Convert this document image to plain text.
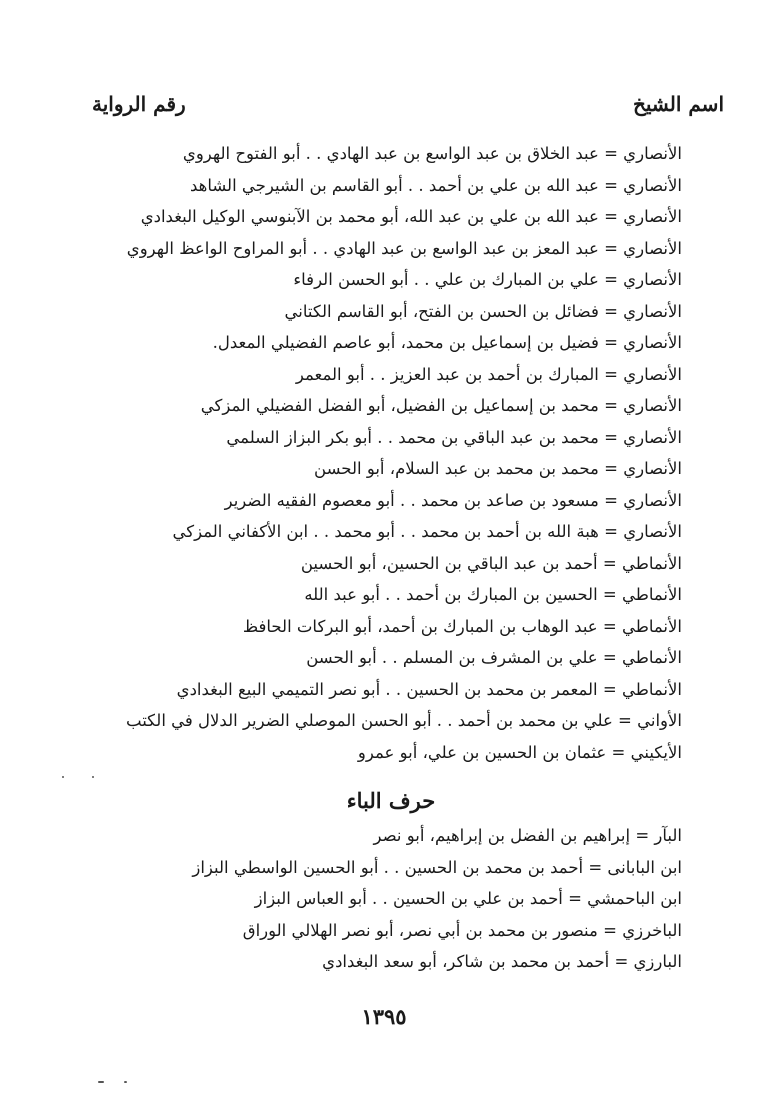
اسم الشيخ
رقم الرواية
الأنصاري = عبد الخلاق بن عبد الواسع بن عبد الهادي . . أبو الفتوح الهروي
الأنصاري = عبد الله بن علي بن أحمد . . أبو القاسم بن الشيرجي الشاهد
الأنصاري = عبد الله بن علي بن عبد الله، أبو محمد بن الآبنوسي الوكيل البغدادي
الأنصاري = عبد المعز بن عبد الواسع بن عبد الهادي . . أبو المراوح الواعظ الهروي
الأنصاري = علي بن المبارك بن علي . . أبو الحسن الرفاء
الأنصاري = فضائل بن الحسن بن الفتح، أبو القاسم الكتاني
الأنصاري = فضيل بن إسماعيل بن محمد، أبو عاصم الفضيلي المعدل.
الأنصاري = المبارك بن أحمد بن عبد العزيز . . أبو المعمر
الأنصاري = محمد بن إسماعيل بن الفضيل، أبو الفضل الفضيلي المزكي
الأنصاري = محمد بن عبد الباقي بن محمد . . أبو بكر البزاز السلمي
الأنصاري = محمد بن محمد بن عبد السلام، أبو الحسن
الأنصاري = مسعود بن صاعد بن محمد . . أبو معصوم الفقيه الضرير
الأنصاري = هبة الله بن أحمد بن محمد . . أبو محمد . . ابن الأكفاني المزكي
الأنماطي = أحمد بن عبد الباقي بن الحسين، أبو الحسين
الأنماطي = الحسين بن المبارك بن أحمد . . أبو عبد الله
الأنماطي = عبد الوهاب بن المبارك بن أحمد، أبو البركات الحافظ
الأنماطي = علي بن المشرف بن المسلم . . أبو الحسن
الأنماطي = المعمر بن محمد بن الحسين . . أبو نصر التميمي البيع البغدادي
الأواني = علي بن محمد بن أحمد . . أبو الحسن الموصلي الضرير الدلال في الكتب
الأيكيني = عثمان بن الحسين بن علي، أبو عمرو
حرف الباء
البآر = إبراهيم بن الفضل بن إبراهيم، أبو نصر
ابن البابانى = أحمد بن محمد بن الحسين . . أبو الحسين الواسطي البزاز
ابن الباحمشي = أحمد بن علي بن الحسين . . أبو العباس البزاز
الباخرزي = منصور بن محمد بن أبي نصر، أبو نصر الهلالي الوراق
البارزي = أحمد بن محمد بن شاكر، أبو سعد البغدادي
١٣٩٥
